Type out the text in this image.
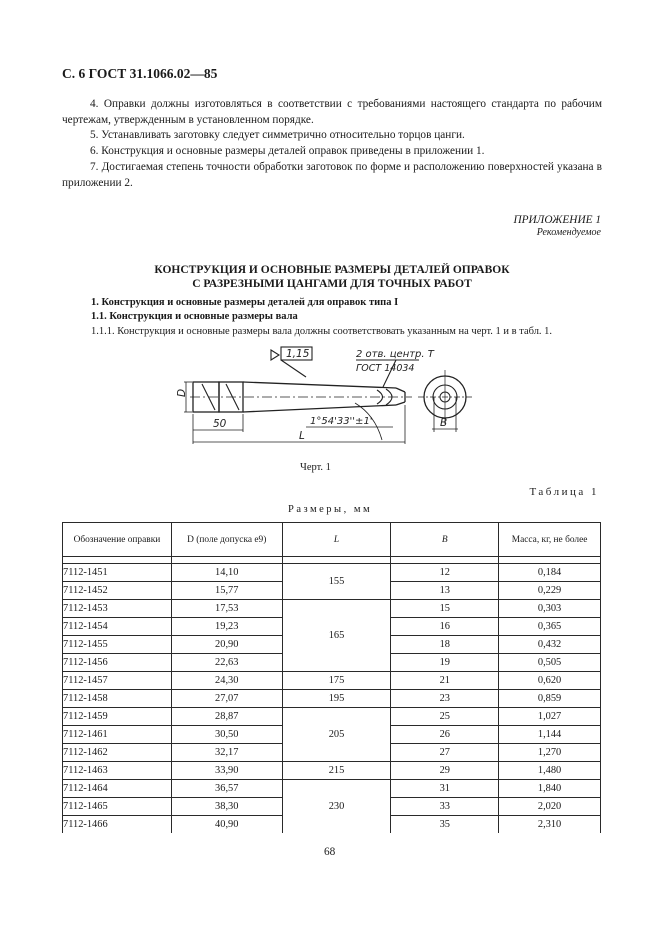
С. 6 ГОСТ 31.1066.02—85

4. Оправки должны изготовляться в соответствии с требованиями настоящего стандарта по рабочим чертежам, утвержденным в установленном порядке.

5. Устанавливать заготовку следует симметрично относительно торцов цанги.

6. Конструкция и основные размеры деталей оправок приведены в приложении 1.

7. Достигаемая степень точности обработки заготовок по форме и расположению поверхностей указана в приложении 2.

ПРИЛОЖЕНИЕ 1
Рекомендуемое
КОНСТРУКЦИЯ И ОСНОВНЫЕ РАЗМЕРЫ ДЕТАЛЕЙ ОПРАВОК
С РАЗРЕЗНЫМИ ЦАНГАМИ ДЛЯ ТОЧНЫХ РАБОТ
1. Конструкция и основные размеры деталей для оправок типа I
1.1. Конструкция и основные размеры вала
1.1.1. Конструкция и основные размеры вала должны соответствовать указанным на черт. 1 и в табл. 1.
1,15	2 отв. центр. Т
ГОСТ 14034
D
50	1°54'33''±1'
L
B
Черт. 1
Таблица 1
Размеры, мм
Обозначение оправки	D (поле допуска e9)	L	B	Масса, кг, не более

7112-1451	14,10	155	12	0,184
7112-1452	15,77		13	0,229
7112-1453	17,53	165	15	0,303
7112-1454	19,23		16	0,365
7112-1455	20,90		18	0,432
7112-1456	22,63		19	0,505
7112-1457	24,30	175	21	0,620
7112-1458	27,07	195	23	0,859
7112-1459	28,87	205	25	1,027
7112-1461	30,50		26	1,144
7112-1462	32,17		27	1,270
7112-1463	33,90	215	29	1,480
7112-1464	36,57	230	31	1,840
7112-1465	38,30		33	2,020
7112-1466	40,90		35	2,310
68
